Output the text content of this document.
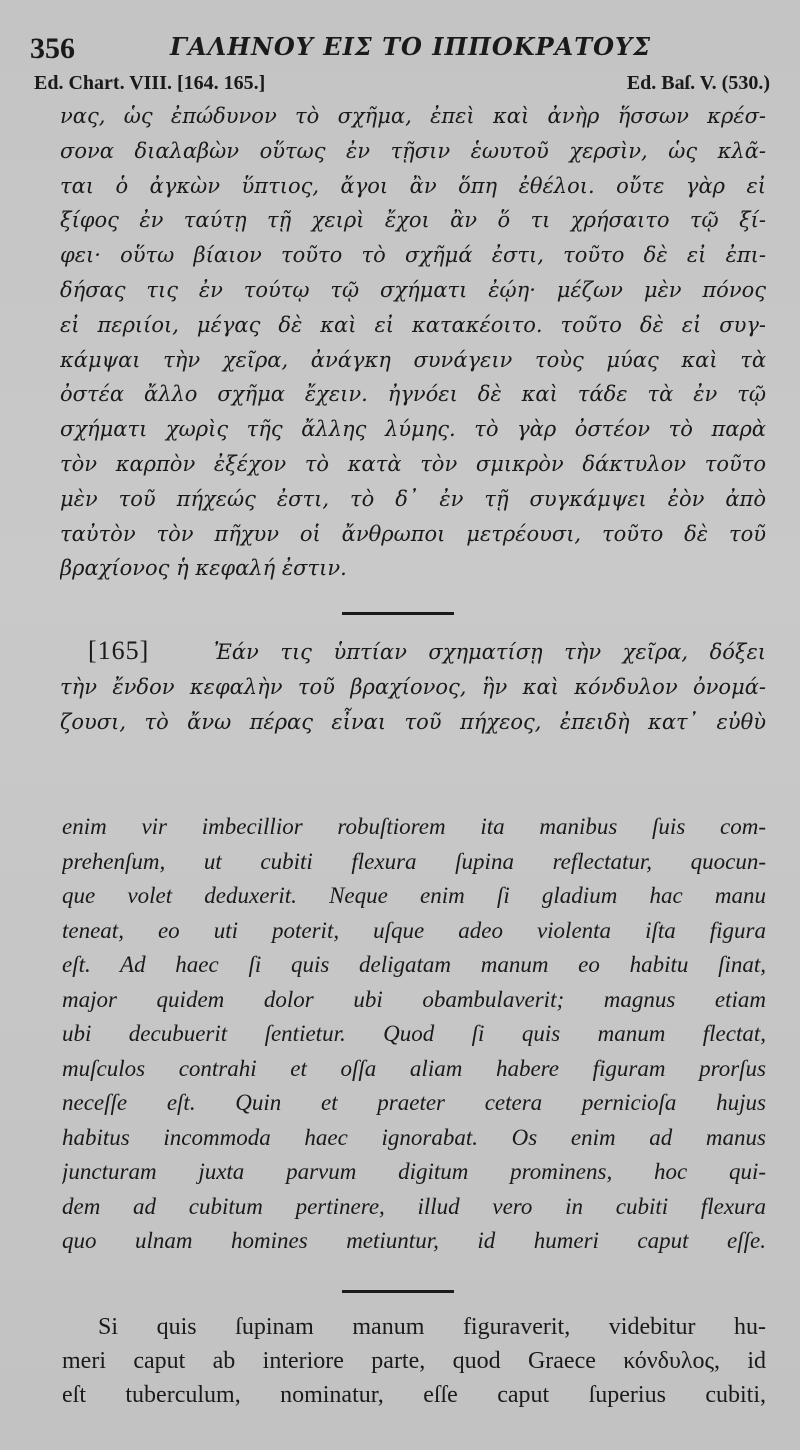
356	ΓΑΛΗΝΟΥ ΕΙΣ ΤΟ ΙΠΠΟΚΡΑΤΟΥΣ
Ed. Chart. VIII. [164. 165.]	Ed. Baſ. V. (530.)
νας, ὡς ἐπώδυνον τὸ σχῆμα, ἐπεὶ καὶ ἀνὴρ ἥσσων κρέσ-
σονα διαλαβὼν οὕτως ἐν τῇσιν ἑωυτοῦ χερσὶν, ὡς κλᾶ-
ται ὁ ἀγκὼν ὕπτιος, ἄγοι ἂν ὅπη ἐθέλοι. οὔτε γὰρ εἰ
ξίφος ἐν ταύτῃ τῇ χειρὶ ἔχοι ἂν ὅ τι χρήσαιτο τῷ ξί-
φει· οὕτω βίαιον τοῦτο τὸ σχῆμά ἐστι, τοῦτο δὲ εἰ ἐπι-
δήσας τις ἐν τούτῳ τῷ σχήματι ἐῴη· μέζων μὲν πόνος
εἰ περιίοι, μέγας δὲ καὶ εἰ κατακέοιτο. τοῦτο δὲ εἰ συγ-
κάμψαι τὴν χεῖρα, ἀνάγκη συνάγειν τοὺς μύας καὶ τὰ
ὀστέα ἄλλο σχῆμα ἔχειν. ἠγνόει δὲ καὶ τάδε τὰ ἐν τῷ
σχήματι χωρὶς τῆς ἄλλης λύμης. τὸ γὰρ ὀστέον τὸ παρὰ
τὸν καρπὸν ἐξέχον τὸ κατὰ τὸν σμικρὸν δάκτυλον τοῦτο
μὲν τοῦ πήχεώς ἐστι, τὸ δ᾽ ἐν τῇ συγκάμψει ἐὸν ἀπὸ
ταὐτὸν τὸν πῆχυν οἱ ἄνθρωποι μετρέουσι, τοῦτο δὲ τοῦ
βραχίονος ἡ κεφαλή ἐστιν.
[165]	Ἐάν τις ὑπτίαν σχηματίσῃ τὴν χεῖρα, δόξει
τὴν ἔνδον κεφαλὴν τοῦ βραχίονος, ἣν καὶ κόνδυλον ὀνομά-
ζουσι, τὸ ἄνω πέρας εἶναι τοῦ πήχεος, ἐπειδὴ κατ᾽ εὐθὺ
enim vir imbecillior robuſtiorem ita manibus ſuis com-
prehenſum, ut cubiti flexura ſupina reflectatur, quocun-
que volet deduxerit. Neque enim ſi gladium hac manu
teneat, eo uti poterit, uſque adeo violenta iſta figura
eſt. Ad haec ſi quis deligatam manum eo habitu ſinat,
major quidem dolor ubi obambulaverit; magnus etiam
ubi decubuerit ſentietur. Quod ſi quis manum flectat,
muſculos contrahi et oſſa aliam habere figuram prorſus
neceſſe eſt. Quin et praeter cetera pernicioſa hujus
habitus incommoda haec ignorabat. Os enim ad manus
juncturam juxta parvum digitum prominens, hoc qui-
dem ad cubitum pertinere, illud vero in cubiti flexura
quo ulnam homines metiuntur, id humeri caput eſſe.
Si quis ſupinam manum figuraverit, videbitur hu-
meri caput ab interiore parte, quod Graece κόνδυλος, id
eſt tuberculum, nominatur, eſſe caput ſuperius cubiti,
